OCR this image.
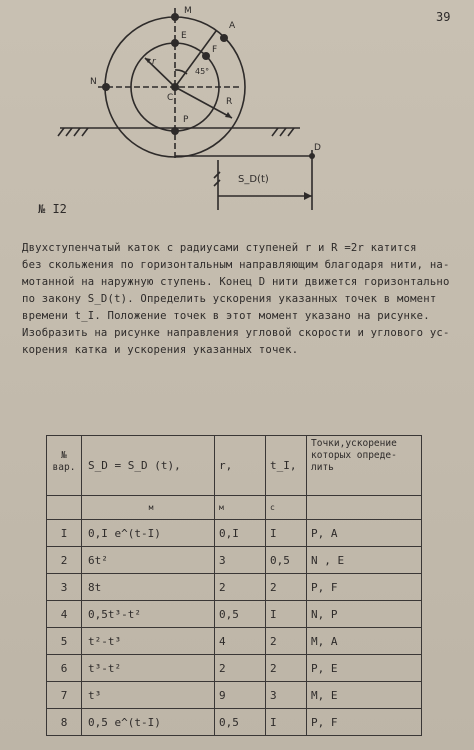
39
M
A
E
F
N
C
P
D
r
R
45°
S_D(t)
№ I2
Двухступенчатый каток с радиусами ступеней r и R =2r катится
без скольжения по горизонтальным направляющим благодаря нити, на-
мотанной на наружную ступень. Конец D нити движется горизонтально
по закону S_D(t). Определить ускорения указанных точек в момент
времени t_I. Положение точек в этот момент указано на рисунке.
Изобразить на рисунке направления угловой скорости и углового ус-
корения катка и ускорения указанных точек.
№ вар.	S_D = S_D (t),	r,	t_I,	Точки,ускорение которых опреде- лить
	м	м	с	
I	0,I e^(t-I)	0,I	I	P, A
2	6t²	3	0,5	N , E
3	8t	2	2	P, F
4	0,5t³-t²	0,5	I	N, P
5	t²-t³	4	2	M, A
6	t³-t²	2	2	P, E
7	t³	9	3	M, E
8	0,5 e^(t-I)	0,5	I	P, F
